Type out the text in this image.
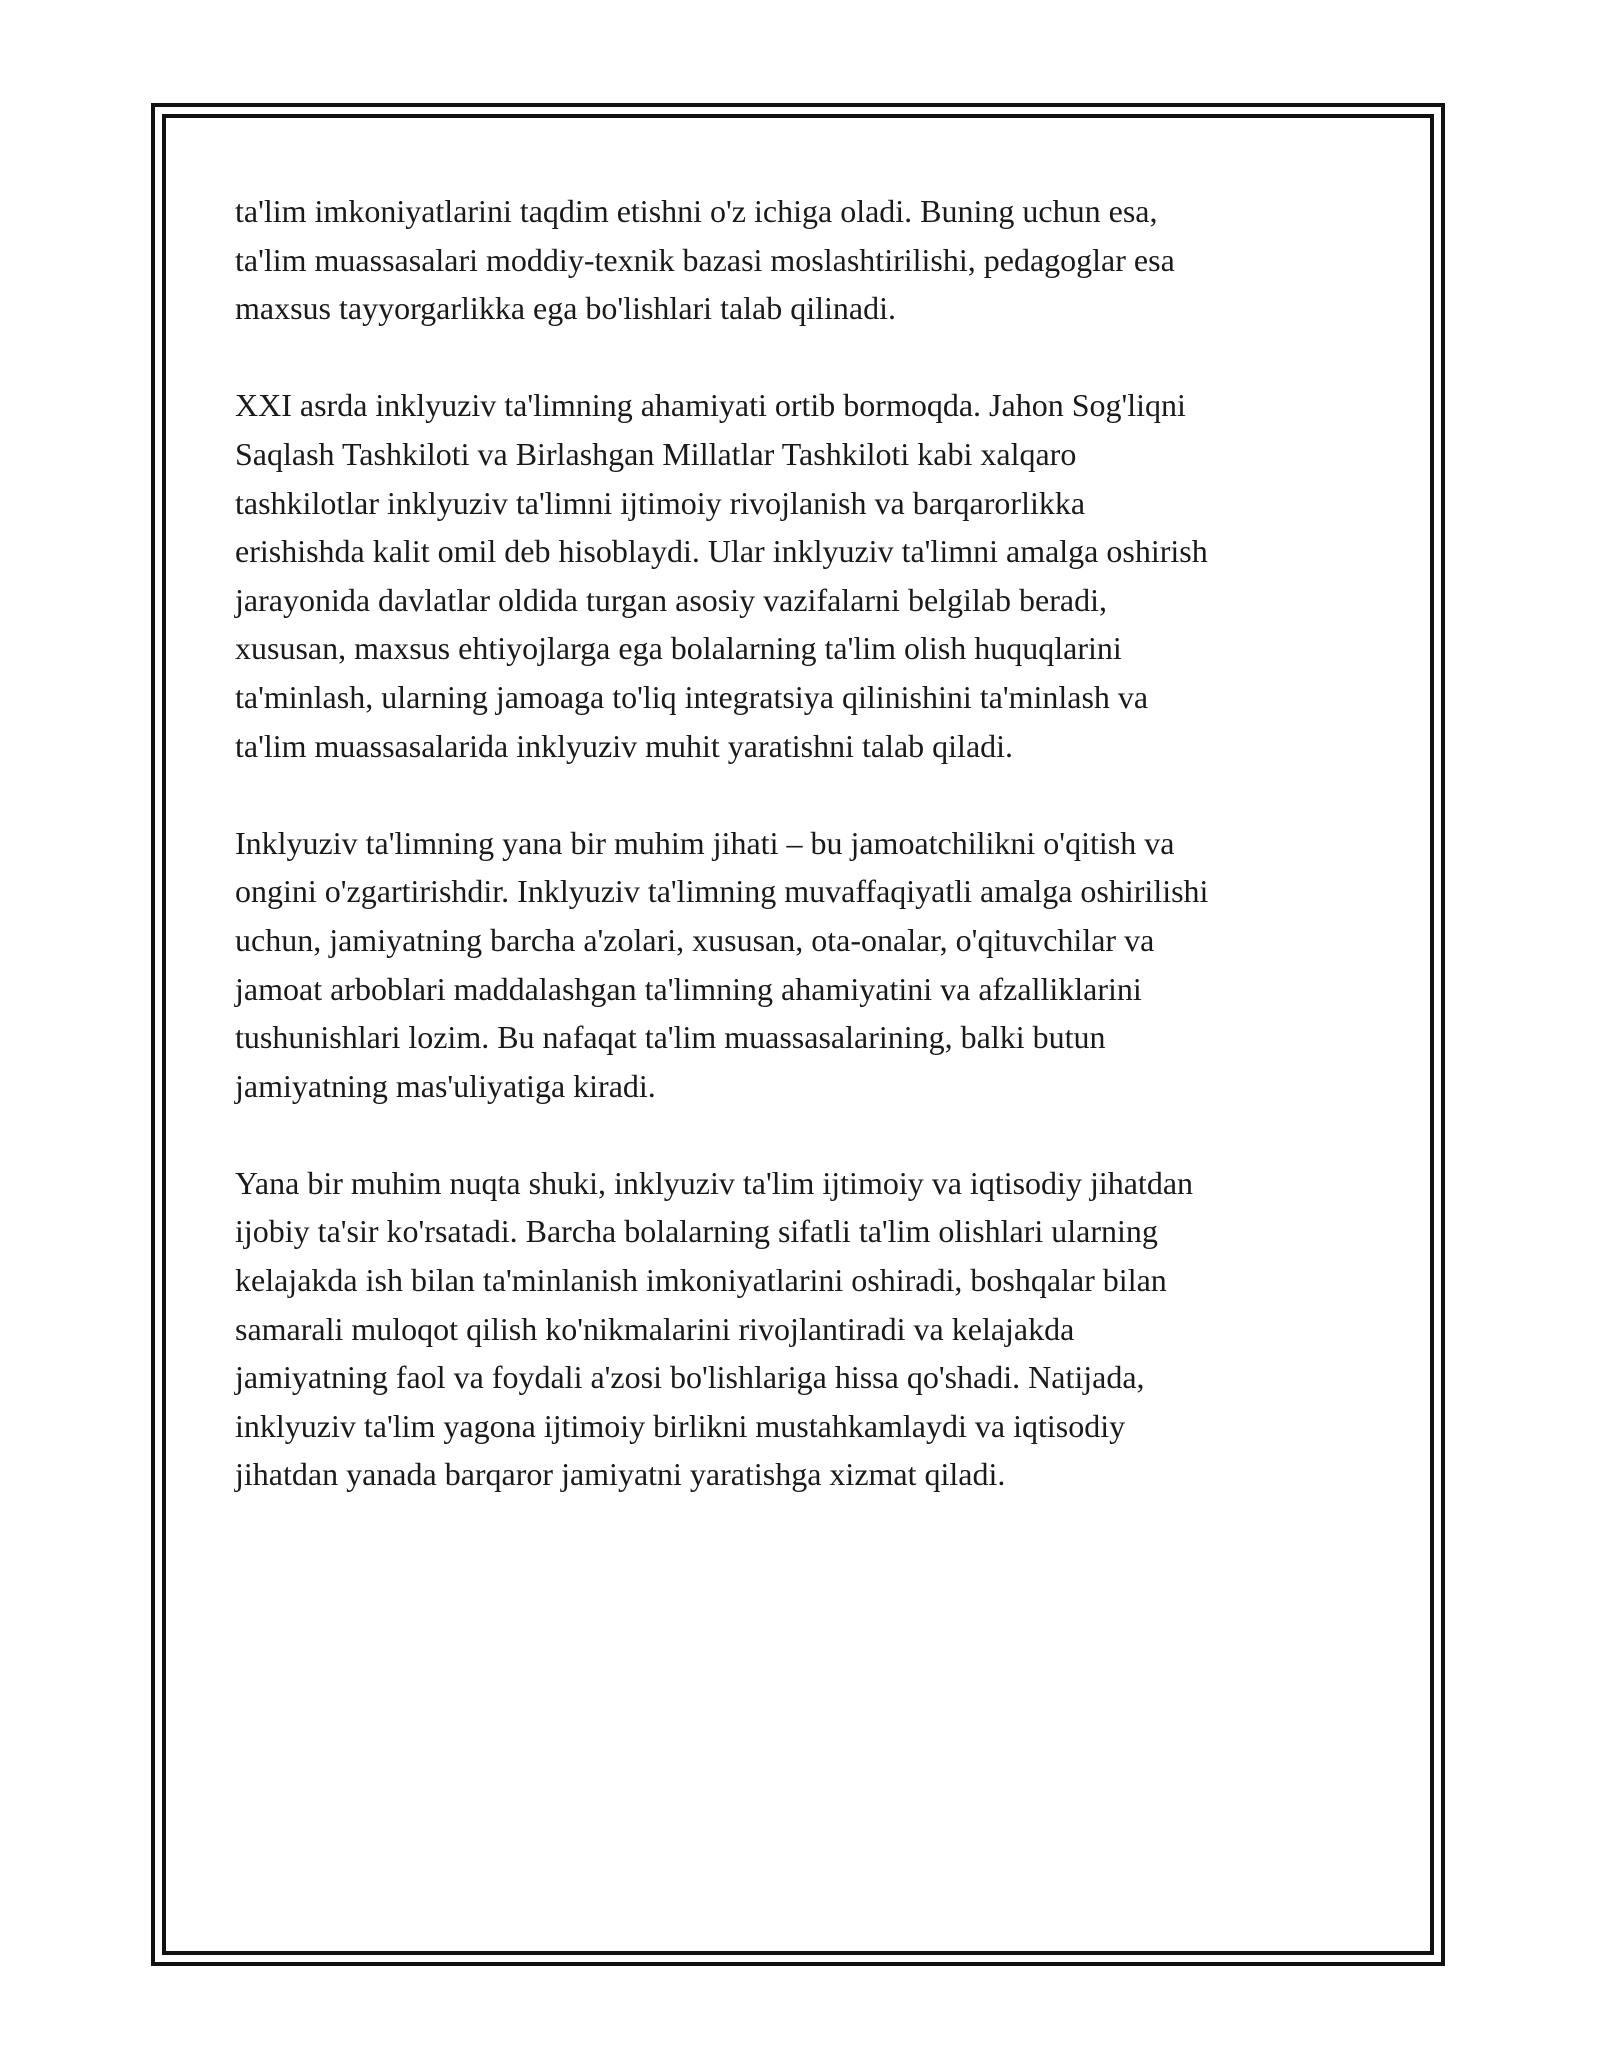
ta'lim imkoniyatlarini taqdim etishni o'z ichiga oladi. Buning uchun esa,
ta'lim muassasalari moddiy-texnik bazasi moslashtirilishi, pedagoglar esa
maxsus tayyorgarlikka ega bo'lishlari talab qilinadi.

XXI asrda inklyuziv ta'limning ahamiyati ortib bormoqda. Jahon Sog'liqni
Saqlash Tashkiloti va Birlashgan Millatlar Tashkiloti kabi xalqaro
tashkilotlar inklyuziv ta'limni ijtimoiy rivojlanish va barqarorlikka
erishishda kalit omil deb hisoblaydi. Ular inklyuziv ta'limni amalga oshirish
jarayonida davlatlar oldida turgan asosiy vazifalarni belgilab beradi,
xususan, maxsus ehtiyojlarga ega bolalarning ta'lim olish huquqlarini
ta'minlash, ularning jamoaga to'liq integratsiya qilinishini ta'minlash va
ta'lim muassasalarida inklyuziv muhit yaratishni talab qiladi.

Inklyuziv ta'limning yana bir muhim jihati – bu jamoatchilikni o'qitish va
ongini o'zgartirishdir. Inklyuziv ta'limning muvaffaqiyatli amalga oshirilishi
uchun, jamiyatning barcha a'zolari, xususan, ota-onalar, o'qituvchilar va
jamoat arboblari maddalashgan ta'limning ahamiyatini va afzalliklarini
tushunishlari lozim. Bu nafaqat ta'lim muassasalarining, balki butun
jamiyatning mas'uliyatiga kiradi.

Yana bir muhim nuqta shuki, inklyuziv ta'lim ijtimoiy va iqtisodiy jihatdan
ijobiy ta'sir ko'rsatadi. Barcha bolalarning sifatli ta'lim olishlari ularning
kelajakda ish bilan ta'minlanish imkoniyatlarini oshiradi, boshqalar bilan
samarali muloqot qilish ko'nikmalarini rivojlantiradi va kelajakda
jamiyatning faol va foydali a'zosi bo'lishlariga hissa qo'shadi. Natijada,
inklyuziv ta'lim yagona ijtimoiy birlikni mustahkamlaydi va iqtisodiy
jihatdan yanada barqaror jamiyatni yaratishga xizmat qiladi.
